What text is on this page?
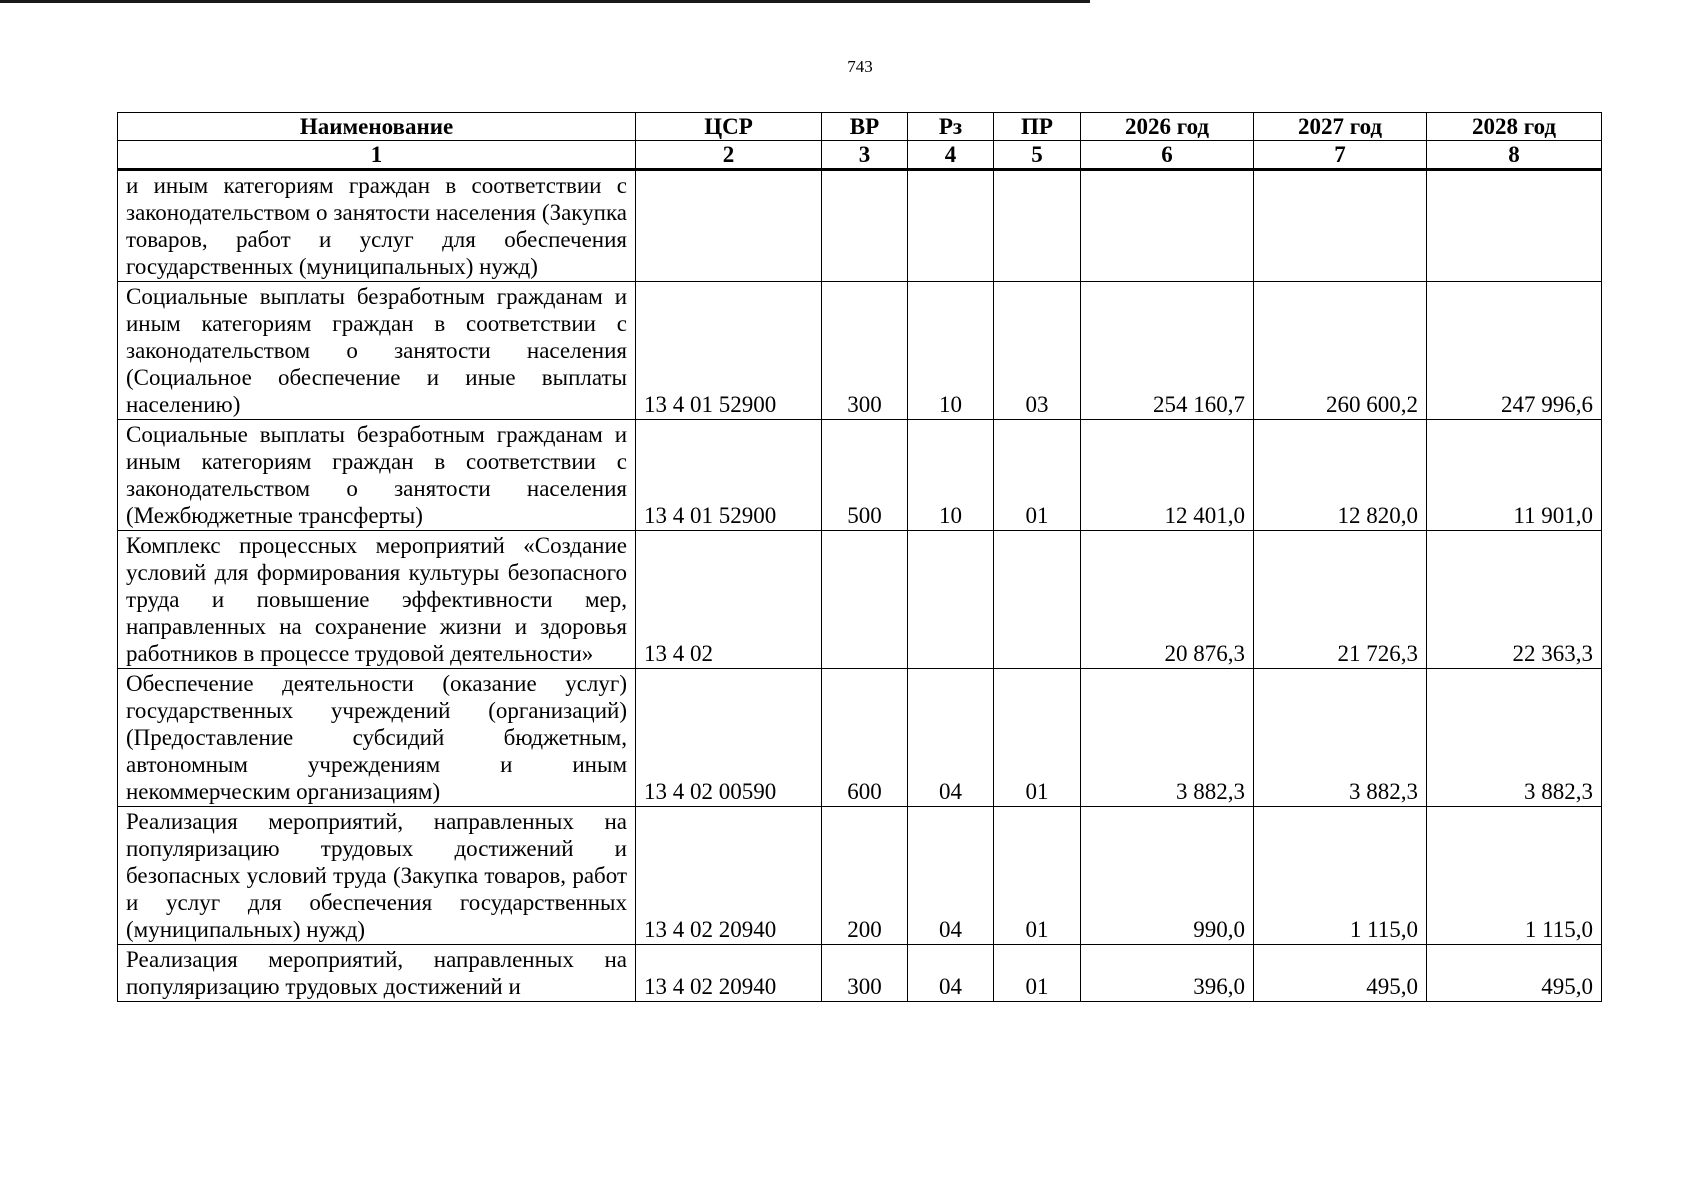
743
Наименование	ЦСР	ВР	Рз	ПР	2026 год	2027 год	2028 год
1	2	3	4	5	6	7	8
и иным категориям граждан в соответствии с законодательством о занятости населения (Закупка товаров, работ и услуг для обеспечения государственных (муниципальных) нужд)							
Социальные выплаты безработным гражданам и иным категориям граждан в соответствии с законодательством о занятости населения (Социальное обеспечение и иные выплаты населению)	13 4 01 52900	300	10	03	254 160,7	260 600,2	247 996,6
Социальные выплаты безработным гражданам и иным категориям граждан в соответствии с законодательством о занятости населения (Межбюджетные трансферты)	13 4 01 52900	500	10	01	12 401,0	12 820,0	11 901,0
Комплекс процессных мероприятий «Создание условий для формирования культуры безопасного труда и повышение эффективности мер, направленных на сохранение жизни и здоровья работников в процессе трудовой деятельности»	13 4 02				20 876,3	21 726,3	22 363,3
Обеспечение деятельности (оказание услуг) государственных учреждений (организаций) (Предоставление субсидий бюджетным, автономным учреждениям и иным некоммерческим организациям)	13 4 02 00590	600	04	01	3 882,3	3 882,3	3 882,3
Реализация мероприятий, направленных на популяризацию трудовых достижений и безопасных условий труда (Закупка товаров, работ и услуг для обеспечения государственных (муниципальных) нужд)	13 4 02 20940	200	04	01	990,0	1 115,0	1 115,0
Реализация мероприятий, направленных на популяризацию трудовых достижений и	13 4 02 20940	300	04	01	396,0	495,0	495,0
